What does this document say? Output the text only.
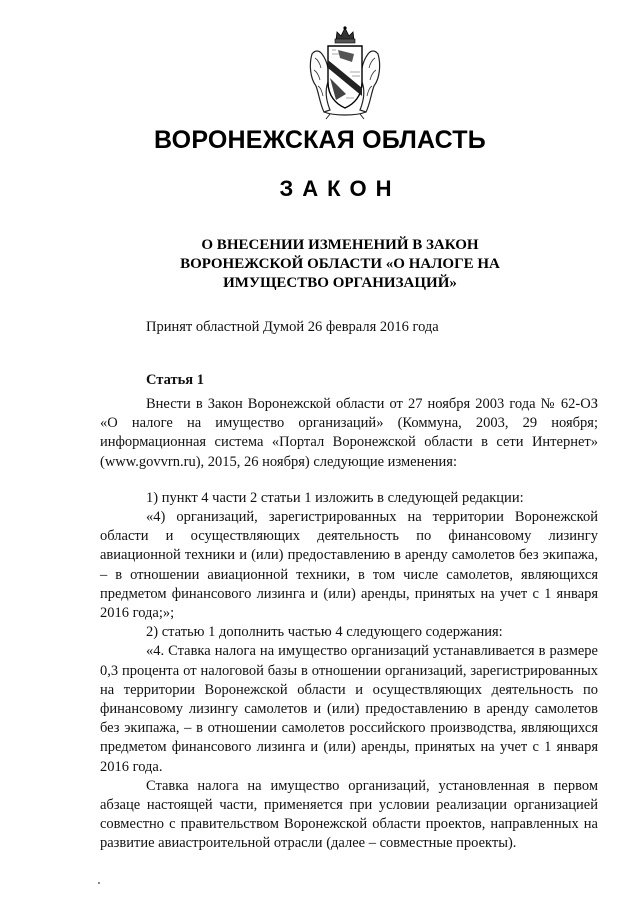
ВОРОНЕЖСКАЯ ОБЛАСТЬ
ЗАКОН
О ВНЕСЕНИИ ИЗМЕНЕНИЙ В ЗАКОН ВОРОНЕЖСКОЙ ОБЛАСТИ «О НАЛОГЕ НА ИМУЩЕСТВО ОРГАНИЗАЦИЙ»
Принят областной Думой 26 февраля 2016 года
Статья 1

Внести в Закон Воронежской области от 27 ноября 2003 года № 62-ОЗ «О налоге на имущество организаций» (Коммуна, 2003, 29 ноября; информационная система «Портал Воронежской области в сети Интернет» (www.govvrn.ru), 2015, 26 ноября) следующие изменения:

1) пункт 4 части 2 статьи 1 изложить в следующей редакции:

«4) организаций, зарегистрированных на территории Воронежской области и осуществляющих деятельность по финансовому лизингу авиационной техники и (или) предоставлению в аренду самолетов без экипажа, – в отношении авиационной техники, в том числе самолетов, являющихся предметом финансового лизинга и (или) аренды, принятых на учет с 1 января 2016 года;»;

2) статью 1 дополнить частью 4 следующего содержания:

«4. Ставка налога на имущество организаций устанавливается в размере 0,3 процента от налоговой базы в отношении организаций, зарегистрированных на территории Воронежской области и осуществляющих деятельность по финансовому лизингу самолетов и (или) предоставлению в аренду самолетов без экипажа, – в отношении самолетов российского производства, являющихся предметом финансового лизинга и (или) аренды, принятых на учет с 1 января 2016 года.

Ставка налога на имущество организаций, установленная в первом абзаце настоящей части, применяется при условии реализации организацией совместно с правительством Воронежской области проектов, направленных на развитие авиастроительной отрасли (далее – совместные проекты).
